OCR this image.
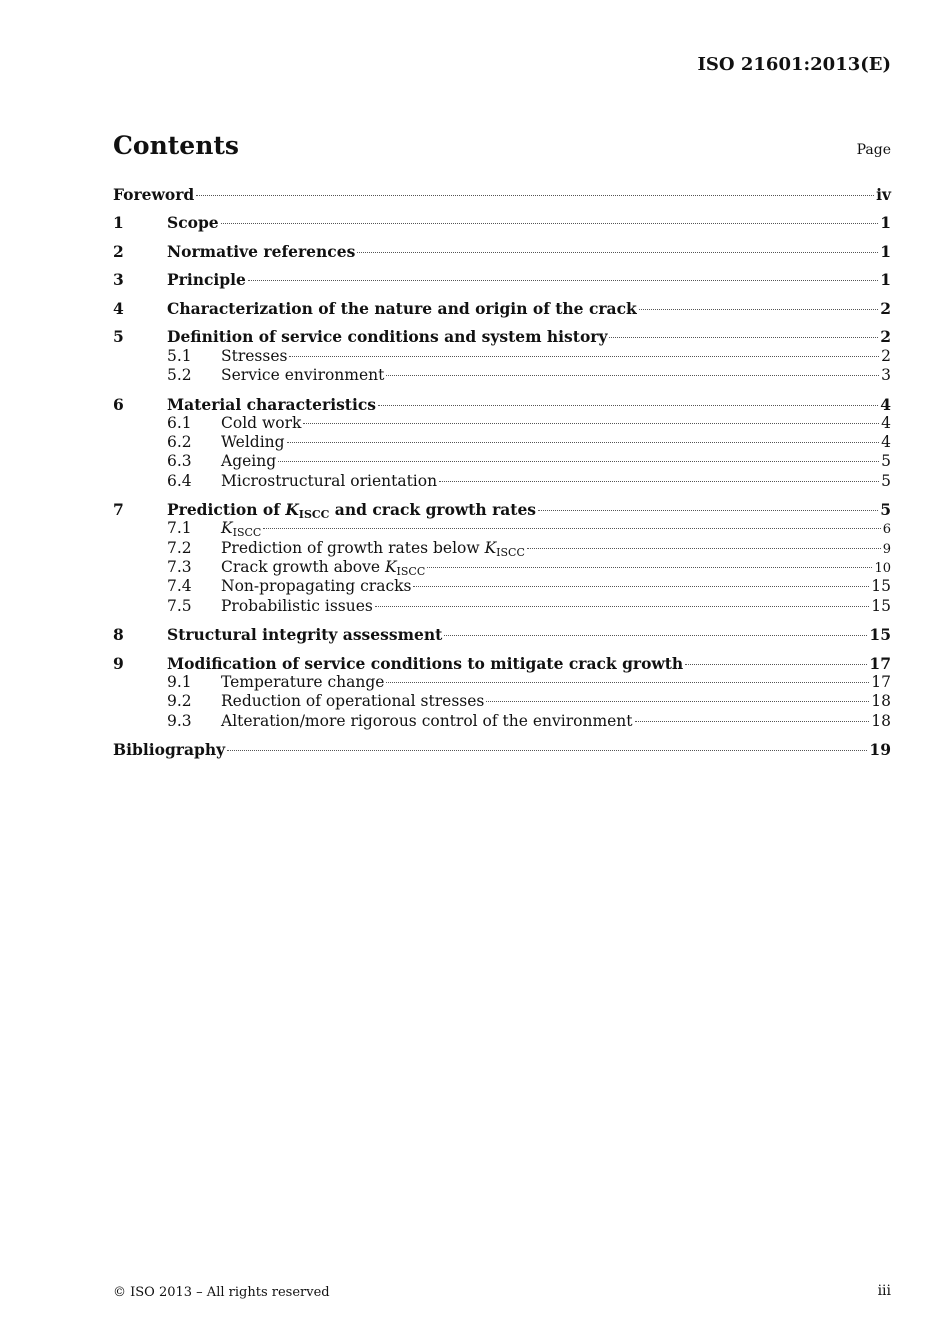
ISO 21601:2013(E)
Contents	Page
Foreword	iv
1	Scope	1
2	Normative references	1
3	Principle	1
4	Characterization of the nature and origin of the crack	2
5	Definition of service conditions and system history	2
5.1	Stresses	2
5.2	Service environment	3
6	Material characteristics	4
6.1	Cold work	4
6.2	Welding	4
6.3	Ageing	5
6.4	Microstructural orientation	5
7	Prediction of KISCC and crack growth rates	5
7.1	KISCC	6
7.2	Prediction of growth rates below KISCC	9
7.3	Crack growth above KISCC	10
7.4	Non-propagating cracks	15
7.5	Probabilistic issues	15
8	Structural integrity assessment	15
9	Modification of service conditions to mitigate crack growth	17
9.1	Temperature change	17
9.2	Reduction of operational stresses	18
9.3	Alteration/more rigorous control of the environment	18
Bibliography	19
© ISO 2013 – All rights reserved	iii
